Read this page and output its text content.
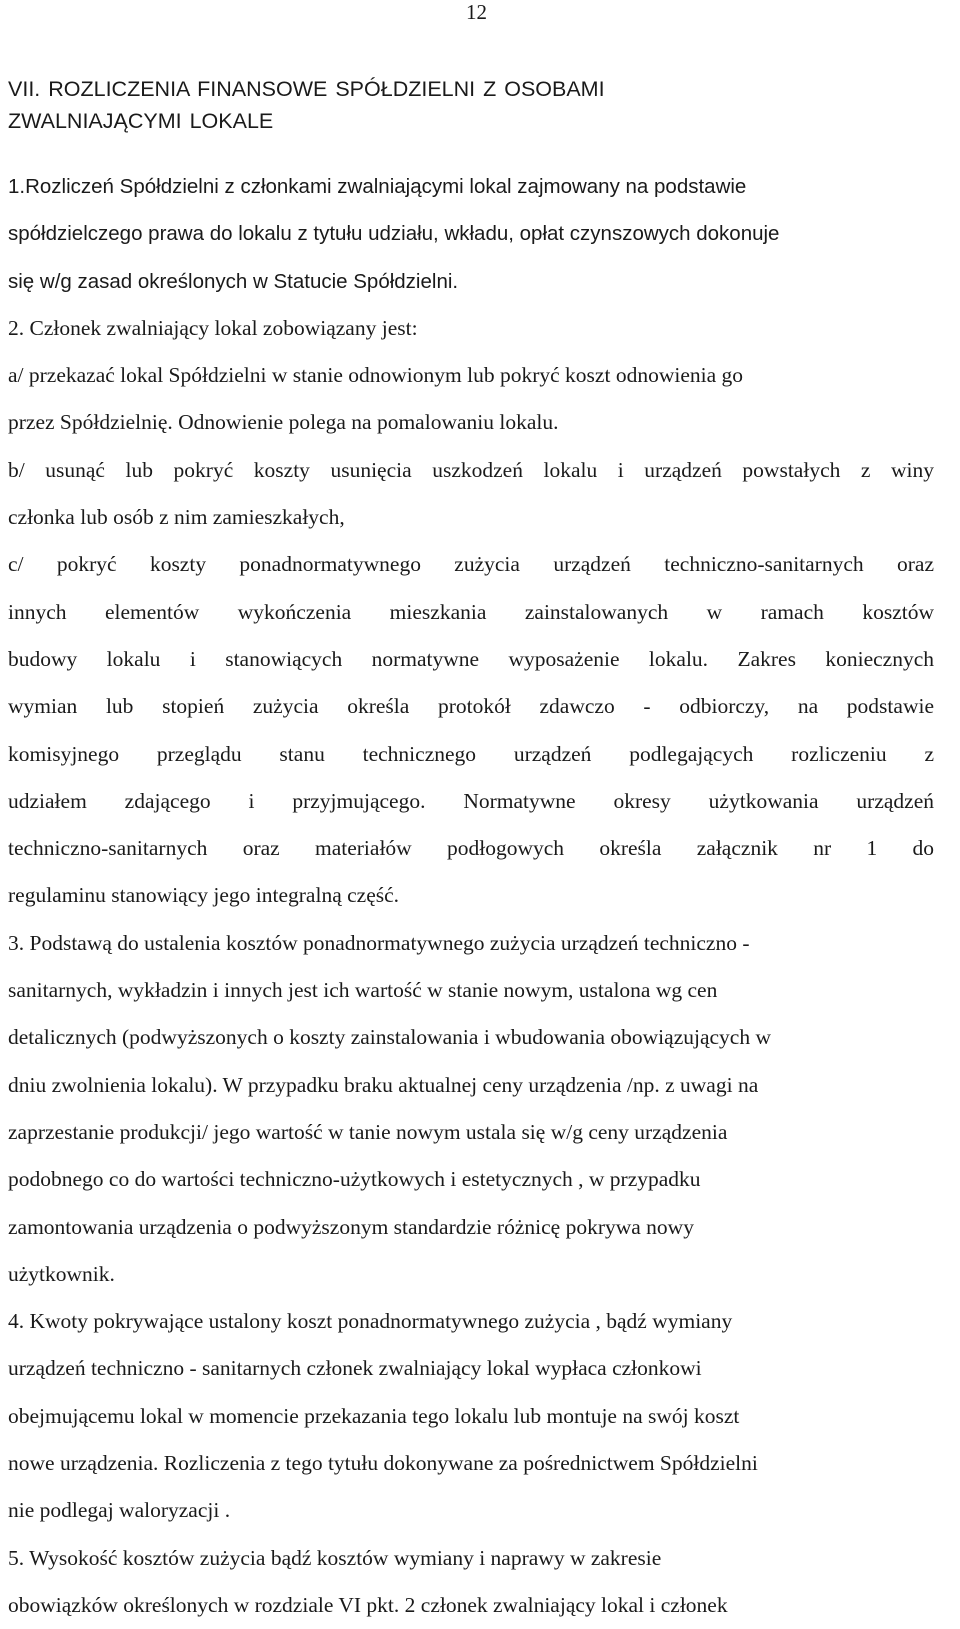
12
VII. ROZLICZENIA FINANSOWE SPÓŁDZIELNI Z OSOBAMI
ZWALNIAJĄCYMI LOKALE

1.Rozliczeń Spółdzielni z członkami zwalniającymi lokal zajmowany na podstawie
spółdzielczego prawa do lokalu z tytułu udziału, wkładu, opłat czynszowych dokonuje
się w/g zasad określonych w Statucie Spółdzielni.

2. Członek zwalniający lokal zobowiązany jest:
a/ przekazać lokal Spółdzielni w stanie odnowionym lub pokryć koszt odnowienia go
przez Spółdzielnię. Odnowienie polega na pomalowaniu lokalu.

b/ usunąć lub pokryć koszty usunięcia uszkodzeń lokalu i urządzeń powstałych z winy
członka lub osób z nim zamieszkałych,

c/ pokryć koszty ponadnormatywnego zużycia urządzeń techniczno-sanitarnych oraz
innych elementów wykończenia mieszkania zainstalowanych w ramach kosztów
budowy lokalu i stanowiących normatywne wyposażenie lokalu. Zakres koniecznych
wymian lub stopień zużycia określa protokół zdawczo - odbiorczy, na podstawie
komisyjnego przeglądu stanu technicznego urządzeń podlegających rozliczeniu z
udziałem zdającego i przyjmującego. Normatywne okresy użytkowania urządzeń
techniczno-sanitarnych oraz materiałów podłogowych określa załącznik nr 1 do
regulaminu stanowiący jego integralną część.

3. Podstawą do ustalenia kosztów ponadnormatywnego zużycia urządzeń techniczno -
sanitarnych, wykładzin i innych jest ich wartość w stanie nowym, ustalona wg cen
detalicznych (podwyższonych o koszty zainstalowania i wbudowania obowiązujących w
dniu zwolnienia lokalu). W przypadku braku aktualnej ceny urządzenia /np. z uwagi na
zaprzestanie produkcji/ jego wartość w tanie nowym ustala się w/g ceny urządzenia
podobnego co do wartości techniczno-użytkowych i estetycznych , w przypadku
zamontowania urządzenia o podwyższonym standardzie różnicę pokrywa nowy
użytkownik.

4. Kwoty pokrywające ustalony koszt ponadnormatywnego zużycia , bądź wymiany
urządzeń techniczno - sanitarnych członek zwalniający lokal wypłaca członkowi
obejmującemu lokal w momencie przekazania tego lokalu lub montuje na swój koszt
nowe urządzenia. Rozliczenia z tego tytułu dokonywane za pośrednictwem Spółdzielni
nie podlegaj waloryzacji .

5. Wysokość kosztów zużycia bądź kosztów wymiany i naprawy w zakresie
obowiązków określonych w rozdziale VI pkt. 2 członek zwalniający lokal i członek
